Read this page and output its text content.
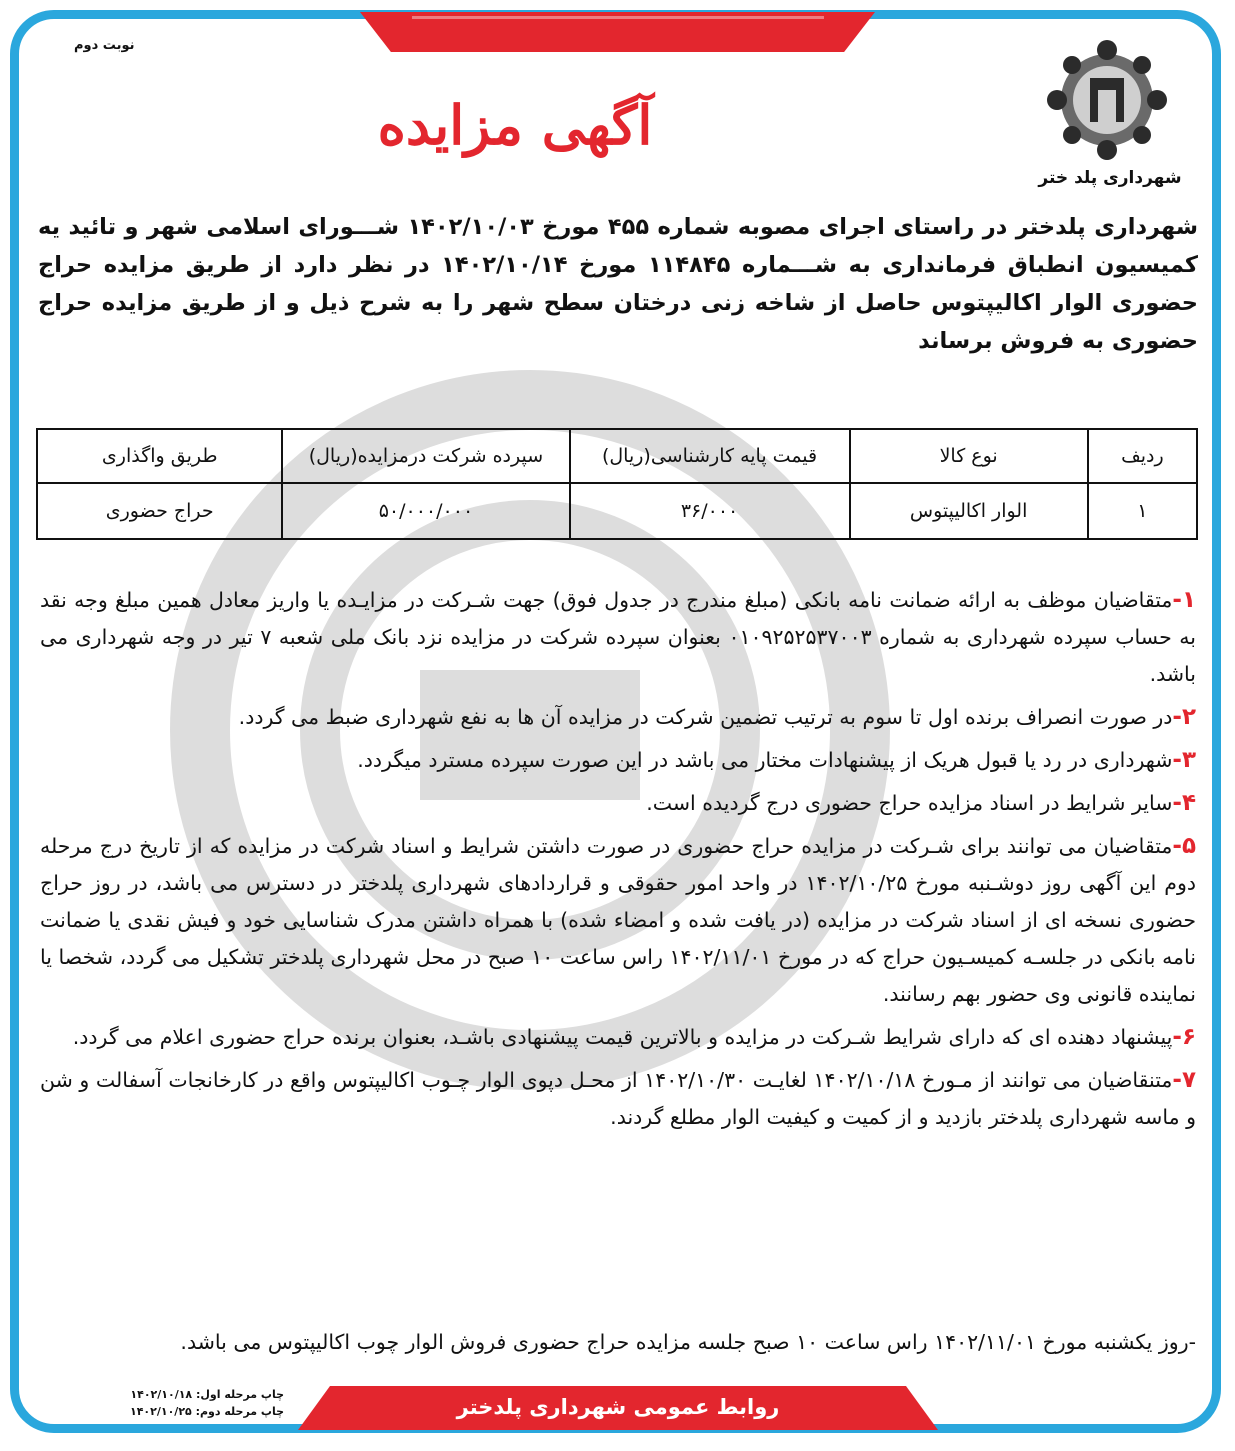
نوبت دوم
شهرداری پلد ختر
آگهی مزایده

شهرداری پلدختر در راستای اجرای مصوبه شماره ۴۵۵ مورخ ۱۴۰۲/۱۰/۰۳ شـــورای اسلامی شهر و تائید یه کمیسیون انطباق فرمانداری به شـــماره ۱۱۴۸۴۵ مورخ ۱۴۰۲/۱۰/۱۴ در نظر دارد از طریق مزایده حراج حضوری الوار اکالیپتوس حاصل از شاخه زنی درختان سطح شهر را به شرح ذیل و از طریق مزایده حراج حضوری به فروش برساند

ردیف	نوع کالا	قیمت پایه کارشناسی(ریال)	سپرده شرکت درمزایده(ریال)	طریق واگذاری
۱	الوار اکالیپتوس	۳۶/۰۰۰	۵۰/۰۰۰/۰۰۰	حراج حضوری
۱-متقاضیان موظف به ارائه ضمانت نامه بانکی (مبلغ مندرج در جدول فوق) جهت شـرکت در مزایـده یا واریز معادل همین مبلغ وجه نقد به حساب سپرده شهرداری به شماره ۰۱۰۹۲۵۲۵۳۷۰۰۳ بعنوان سپرده شرکت در مزایده نزد بانک ملی شعبه ۷ تیر در وجه شهرداری می باشد.
۲-در صورت انصراف برنده اول تا سوم به ترتیب تضمین شرکت در مزایده آن ها به نفع شهرداری ضبط می گردد.
۳-شهرداری در رد یا قبول هریک از پیشنهادات مختار می باشد در این صورت سپرده مسترد میگردد.
۴-سایر شرایط در اسناد مزایده حراج حضوری درج گردیده است.
۵-متقاضیان می توانند برای شـرکت در مزایده حراج حضوری در صورت داشتن شرایط و اسناد شرکت در مزایده که از تاریخ درج مرحله دوم این آگهی روز دوشـنبه مورخ ۱۴۰۲/۱۰/۲۵ در واحد امور حقوقی و قراردادهای شهرداری پلدختر در دسترس می باشد، در روز حراج حضوری نسخه ای از اسناد شرکت در مزایده (در یافت شده و امضاء شده) با همراه داشتن مدرک شناسایی خود و فیش نقدی یا ضمانت نامه بانکی در جلسـه کمیسـیون حراج که در مورخ ۱۴۰۲/۱۱/۰۱ راس ساعت ۱۰ صبح در محل شهرداری پلدختر تشکیل می گردد، شخصا یا نماینده قانونی وی حضور بهم رسانند.
۶-پیشنهاد دهنده ای که دارای شرایط شـرکت در مزایده و بالاترین قیمت پیشنهادی باشـد، بعنوان برنده حراج حضوری اعلام می گردد.
۷-متنقاضیان می توانند از مـورخ ۱۴۰۲/۱۰/۱۸ لغایـت ۱۴۰۲/۱۰/۳۰ از محـل دپوی الوار چـوب اکالیپتوس واقع در کارخانجات آسفالت و شن و ماسه شهرداری پلدختر بازدید و از کمیت و کیفیت الوار مطلع گردند.

-روز یکشنبه مورخ ۱۴۰۲/۱۱/۰۱ راس ساعت ۱۰ صبح جلسه مزایده حراج حضوری فروش الوار چوب اکالیپتوس می باشد.

روابط عمومی شهرداری پلدختر
چاپ مرحله اول: ۱۴۰۲/۱۰/۱۸
چاپ مرحله دوم: ۱۴۰۲/۱۰/۲۵
